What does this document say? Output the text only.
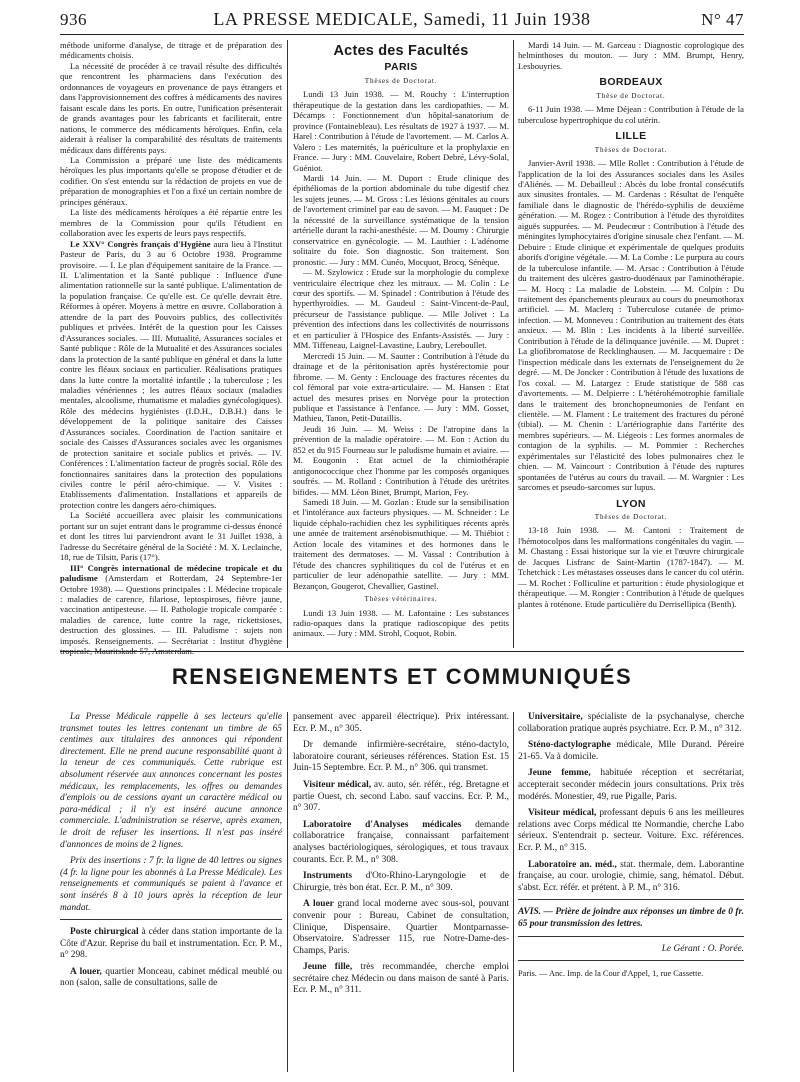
936	LA PRESSE MEDICALE, Samedi, 11 Juin 1938	N° 47

méthode uniforme d'analyse, de titrage et de préparation des médicaments choisis.

La nécessité de procéder à ce travail résulte des difficultés que rencontrent les pharmaciens dans l'exécution des ordonnances de voyageurs en provenance de pays étrangers et dans l'approvisionnement des coffres à médicaments des navires faisant escale dans les ports. En outre, l'unification présenterait de grands avantages pour les fabricants et faciliterait, entre nations, le commerce des médicaments héroïques. Enfin, cela aiderait à réaliser la comparabilité des résultats de traitements médicaux dans différents pays.

La Commission a préparé une liste des médicaments héroïques les plus importants qu'elle se propose d'étudier et de codifier. On s'est entendu sur la rédaction de projets en vue de préparation de monographies et l'on a fixé un certain nombre de principes généraux.

La liste des médicaments héroïques a été répartie entre les membres de la Commission pour qu'ils l'étudient en collaboration avec les experts de leurs pays respectifs.

Le XXV° Congrès français d'Hygiène aura lieu à l'Institut Pasteur de Paris, du 3 au 6 Octobre 1938. Programme provisoire. — I. Le plan d'équipement sanitaire de la France. — II. L'alimentation et la Santé publique : Influence d'une alimentation rationnelle sur la santé publique. L'alimentation de la population française. Ce qu'elle est. Ce qu'elle devrait être. Réformes à opérer. Moyens à mettre en œuvre. Collaboration à attendre de la part des Pouvoirs publics, des collectivités publiques et privées. Intérêt de la question pour les Caisses d'Assurances sociales. — III. Mutualité, Assurances sociales et Santé publique : Rôle de la Mutualité et des Assurances sociales dans la protection de la santé publique en général et dans la lutte contre les fléaux sociaux en particulier. Réalisations pratiques dans la lutte contre la mortalité infantile ; la tuberculose ; les maladies vénériennes ; les autres fléaux sociaux (maladies mentales, alcoolisme, rhumatisme et maladies gynécologiques). Rôle des médecins hygiénistes (I.D.H., D.B.H.) dans le développement de la politique sanitaire des Caisses d'Assurances sociales. Coordination de l'action sanitaire et sociale des Caisses d'Assurances sociales avec les organismes de protection sanitaire et sociale publics et privés. — IV. Conférences : L'alimentation facteur de progrès social. Rôle des fonctionnaires sanitaires dans la protection des populations civiles contre le péril aéro-chimique. — V. Visites : Etablissements d'alimentation. Installations et appareils de protection contre les dangers aéro-chimiques.

La Société accueillera avec plaisir les communications portant sur un sujet entrant dans le programme ci-dessus énoncé et dont les titres lui parviendront avant le 31 Juillet 1938, à l'adresse du Secrétaire général de la Société : M. X. Leclainche, 18, rue de Tilsitt, Paris (17°).

III° Congrès international de médecine tropicale et du paludisme (Amsterdam et Rotterdam, 24 Septembre-1er Octobre 1938). — Questions principales : I. Médecine tropicale : maladies de carence, filariose, leptospiroses, fièvre jaune, vaccination antipesteuse. — II. Pathologie tropicale comparée : maladies de carence, lutte contre la rage, rickettsioses, destruction des glossines. — III. Paludisme : sujets non imposés. Renseignements. — Secrétariat : Institut d'hygiène tropicale, Mauritskade 57, Amsterdam.

Actes des Facultés
PARIS
Thèses de Doctorat.

Lundi 13 Juin 1938. — M. Rouchy : L'interruption thérapeutique de la gestation dans les cardiopathies. — M. Décamps : Fonctionnement d'un hôpital-sanatorium de province (Fontainebleau). Les résultats de 1927 à 1937. — M. Harel : Contribution à l'étude de l'avortement. — M. Carlos A. Valero : Les maternités, la puériculture et la prophylaxie en France. — Jury : MM. Couvelaire, Robert Debré, Lévy-Solal, Guéniot.

Mardi 14 Juin. — M. Duport : Etude clinique des épithéliomas de la portion abdominale du tube digestif chez les sujets jeunes. — M. Gross : Les lésions génitales au cours de l'avortement criminel par eau de savon. — M. Fauquet : De la nécessité de la surveillance systématique de la tension artérielle durant la rachi-anesthésie. — M. Doumy : Chirurgie conservatrice en gynécologie. — M. Lauthier : L'adénome solitaire du foie. Son diagnostic. Son traitement. Son pronostic. — Jury : MM. Cunéo, Mocquot, Brocq, Sénèque.

— M. Szylowicz : Etude sur la morphologie du complexe ventriculaire électrique chez les mitraux. — M. Colin : Le cœur des sportifs. — M. Spinadel : Contribution à l'étude des hyperthyroïdies. — M. Gaudeul : Saint-Vincent-de-Paul, précurseur de l'assistance publique. — Mlle Jolivet : La prévention des infections dans les collectivités de nourrissons et en particulier à l'Hospice des Enfants-Assistés. — Jury : MM. Tiffeneau, Laignel-Lavastine, Laubry, Lereboullet.

Mercredi 15 Juin. — M. Sautter : Contribution à l'étude du drainage et de la péritonisation après hystérectomie pour fibrome. — M. Genty : Enclouage des fractures récentes du col fémoral par voie extra-articulaire. — M. Hansen : Etat actuel des mesures prises en Norvège pour la protection publique et l'assistance à l'enfance. — Jury : MM. Gosset, Mathieu, Tanon, Petit-Dutaillis.

Jeudi 16 Juin. — M. Weiss : De l'atropine dans la prévention de la maladie opératoire. — M. Eon : Action du 852 et du 915 Fourneau sur le paludisme humain et aviaire. — M. Eougonin : Etat actuel de la chimiothérapie antigonococcique chez l'homme par les composés organiques soufrés. — M. Rolland : Contribution à l'étude des urétrites bifides. — MM. Léon Binet, Brumpt, Marion, Fey.

Samedi 18 Juin. — M. Gozlan : Etude sur la sensibilisation et l'intolérance aux facteurs physiques. — M. Schneider : Le liquide céphalo-rachidien chez les syphilitiques récents après une année de traitement arsénobismuthique. — M. Thiébiot : Action locale des vitamines et des hormones dans le traitement des dermatoses. — M. Vassal : Contribution à l'étude des chancres syphilitiques du col de l'utérus et en particulier de leur adénopathie satellite. — Jury : MM. Bezançon, Gougerot, Chevallier, Gastinel.

Thèses vétérinaires.

Lundi 13 Juin 1938. — M. Lafontaine : Les substances radio-opaques dans la pratique radioscopique des petits animaux. — Jury : MM. Strohl, Coquot, Robin.

Mardi 14 Juin. — M. Garceau : Diagnostic coprologique des helminthoses du mouton. — Jury : MM. Brumpt, Henry, Lesbouyries.

BORDEAUX
Thèse de Doctorat.

6-11 Juin 1938. — Mme Déjean : Contribution à l'étude de la tuberculose hypertrophique du col utérin.

LILLE
Thèses de Doctorat.

Janvier-Avril 1938. — Mlle Rollet : Contribution à l'étude de l'application de la loi des Assurances sociales dans les Asiles d'Aliénés. — M. Debailleul : Abcès du lobe frontal consécutifs aux sinusites frontales. — M. Cardenas : Résultat de l'enquête familiale dans le diagnostic de l'hérédo-syphilis de deuxième génération. — M. Rogez : Contribution à l'étude des thyroïdites aiguës suppurées. — M. Peudecœur : Contribution à l'étude des méningites lymphocytaires d'origine sinusale chez l'enfant. — M. Debuire : Etude clinique et expérimentale de quelques produits aborifs d'origine végétale. — M. La Combe : Le purpura au cours de la tuberculose infantile. — M. Arsac : Contribution à l'étude du traitement des ulcères gastro-duodénaux par l'aminothérapie. — M. Hocq : La maladie de Lobstein. — M. Colpin : Du traitement des épanchements pleuraux au cours du pneumothorax artificiel. — M. Maclerq : Tuberculose cutanée de primo-infection. — M. Monneveu : Contribution au traitement des états anxieux. — M. Blin : Les incidents à la liberté surveillée. Contribution à l'étude de la délinquance juvénile. — M. Dupret : La gliofibromatose de Recklinghausen. — M. Jacquemaire : De l'inspection médicale dans les externats de l'enseignement du 2e degré. — M. De Joncker : Contribution à l'étude des luxations de l'os coxal. — M. Latargez : Etude statistique de 588 cas d'avortements. — M. Delpierre : L'hétérohémotrophie familiale dans le traitement des bronchopneumonies de l'enfant en clientèle. — M. Flament : Le traitement des fractures du péroné (tibial). — M. Chenin : L'artériographie dans l'artérite des membres supérieurs. — M. Liégeois : Les formes anormales de contagion de la syphilis. — M. Pommier : Recherches expérimentales sur l'élasticité des lobes pulmonaires chez le chien. — M. Vaincourt : Contribution à l'étude des ruptures spontanées de l'utérus au cours du travail. — M. Wargnier : Les sarcomes et pseudo-sarcomes sur lupus.

LYON
Thèses de Doctorat.

13-18 Juin 1938. — M. Cantoni : Traitement de l'hémotocolpos dans les malformations congénitales du vagin. — M. Chastang : Essai historique sur la vie et l'œuvre chirurgicale de Jacques Lisfranc de Saint-Martin (1787-1847). — M. Tchetchick : Les métastases osseuses dans le cancer du col utérin. — M. Rochet : Folliculine et parturition : étude physiologique et thérapeutique. — M. Rongier : Contribution à l'étude de quelques plantes à roténone. Etude particulière du Derrisellipica (Benth).

RENSEIGNEMENTS ET COMMUNIQUÉS

La Presse Médicale rappelle à ses lecteurs qu'elle transmet toutes les lettres contenant un timbre de 65 centimes aux titulaires des annonces qui répondent directement. Elle ne prend aucune responsabilité quant à la teneur de ces communiqués. Cette rubrique est absolument réservée aux annonces concernant les postes médicaux, les remplacements, les offres ou demandes d'emplois ou de cessions ayant un caractère médical ou para-médical ; il n'y est inséré aucune annonce commerciale. L'administration se réserve, après examen, le droit de refuser les insertions. Il n'est pas inséré d'annonces de moins de 2 lignes.

Prix des insertions : 7 fr. la ligne de 40 lettres ou signes (4 fr. la ligne pour les abonnés à La Presse Médicale). Les renseignements et communiqués se paient à l'avance et sont insérés 8 à 10 jours après la réception de leur mandat.

Poste chirurgical à céder dans station importante de la Côte d'Azur. Reprise du bail et instrumentation. Ecr. P. M., n° 298.

A louer, quartier Monceau, cabinet médical meublé ou non (salon, salle de consultations, salle de

pansement avec appareil électrique). Prix intéressant. Ecr. P. M., n° 305.

Dr demande infirmière-secrétaire, sténo-dactylo, laboratoire courant, sérieuses références. Station Est. 15 Juin-15 Septembre. Ecr. P. M., n° 306. qui transmet.

Visiteur médical, av. auto, sér. référ., rég. Bretagne et partie Ouest, ch. second Labo. sauf vaccins. Ecr. P. M., n° 307.

Laboratoire d'Analyses médicales demande collaboratrice française, connaissant parfaitement analyses bactériologiques, sérologiques, et tous travaux courants. Ecr. P. M., n° 308.

Instruments d'Oto-Rhino-Laryngologie et de Chirurgie, très bon état. Ecr. P. M., n° 309.

A louer grand local moderne avec sous-sol, pouvant convenir pour : Bureau, Cabinet de consultation, Clinique, Dispensaire. Quartier Montparnasse-Observatoire. S'adresser 115, rue Notre-Dame-des-Champs, Paris.

Jeune fille, très recommandée, cherche emploi secrétaire chez Médecin ou dans maison de santé à Paris. Ecr. P. M., n° 311.

Universitaire, spécialiste de la psychanalyse, cherche collaboration pratique auprès psychiatre. Ecr. P. M., n° 312.

Sténo-dactylographe médicale, Mlle Durand. Péreire 21-65. Va à domicile.

Jeune femme, habituée réception et secrétariat, accepterait seconder médecin jours consultations. Prix très modérés. Monestier, 49, rue Pigalle, Paris.

Visiteur médical, professant depuis 6 ans les meilleures relations avec Corps médical tte Normandie, cherche Labo sérieux. S'entendrait p. secteur. Voiture. Exc. références. Ecr. P. M., n° 315.

Laboratoire an. méd., stat. thermale, dem. Laborantine française, au cour. urologie, chimie, sang, hématol. Début. s'abst. Ecr. référ. et prétent. à P. M., n° 316.

AVIS. — Prière de joindre aux réponses un timbre de 0 fr. 65 pour transmission des lettres.

Le Gérant : O. Porée.

Paris. — Anc. Imp. de la Cour d'Appel, 1, rue Cassette.
